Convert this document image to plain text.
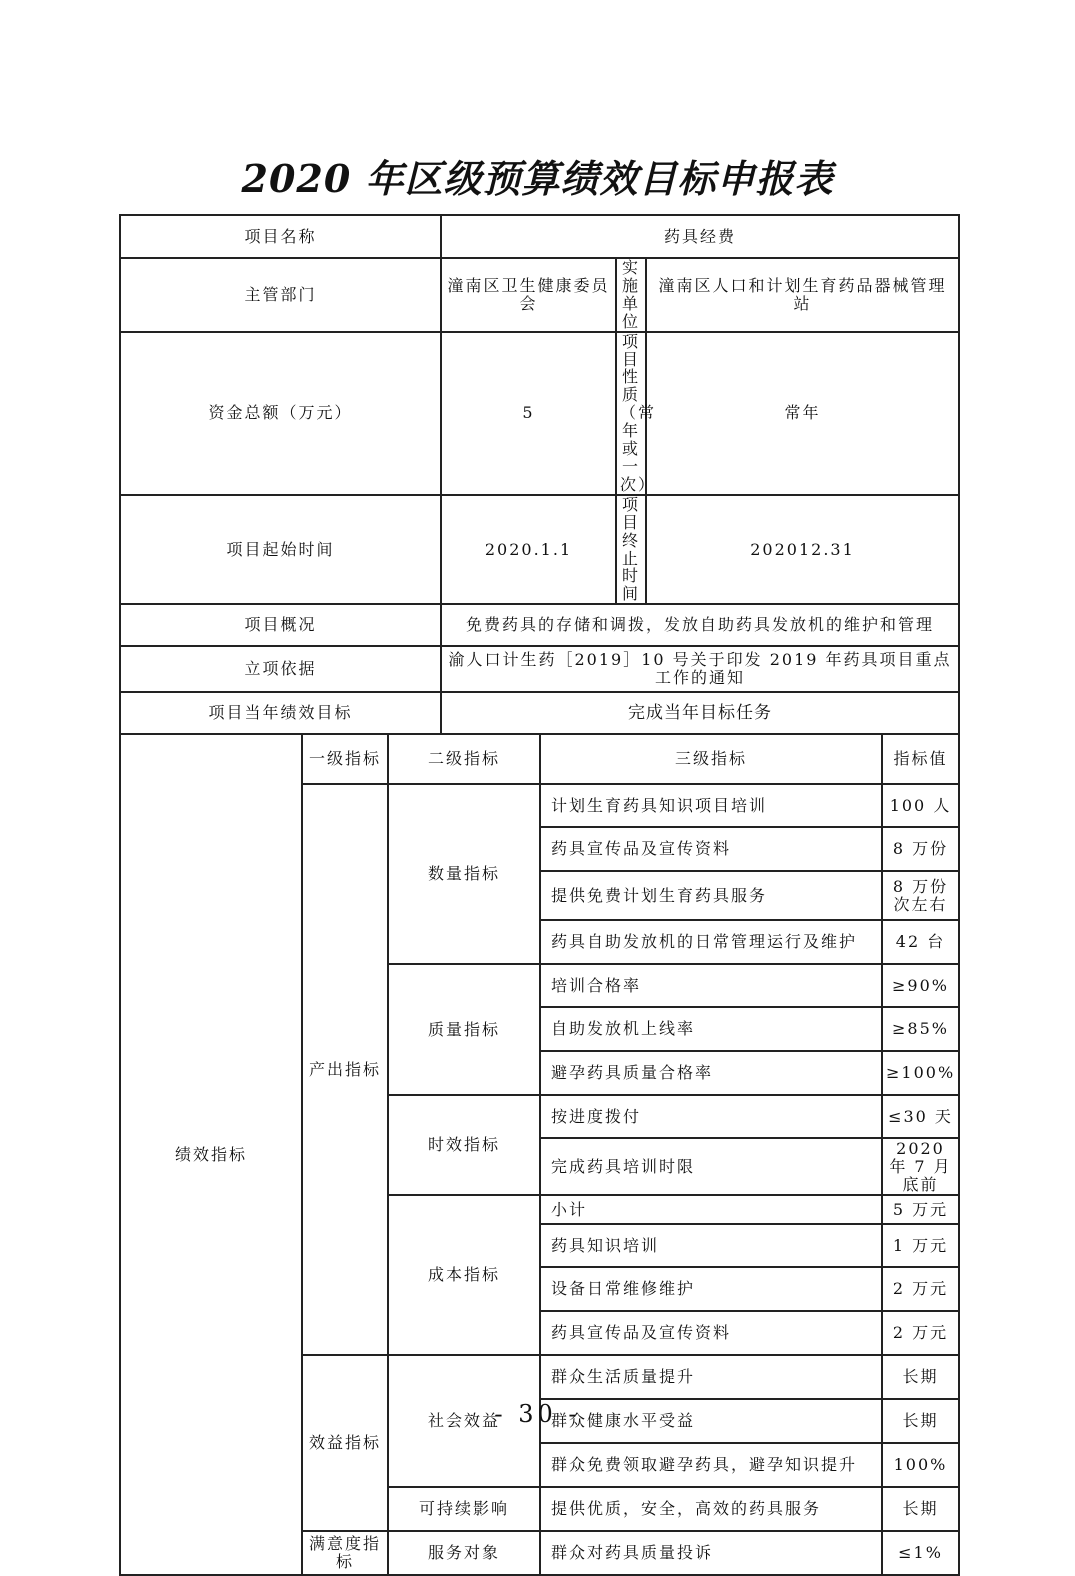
2020 年区级预算绩效目标申报表
项目名称			药具经费				
主管部门			潼南区卫生健康委员会		实施单位	潼南区人口和计划生育药品器械管理站	
资金总额（万元）			5		项目性质（常年或一次）	常年	
项目起始时间			2020.1.1		项目终止时间	202012.31	
项目概况			免费药具的存储和调拨，发放自助药具发放机的维护和管理				
立项依据			渝人口计生药［2019］10 号关于印发 2019 年药具项目重点工作的通知				
项目当年绩效目标			完成当年目标任务				
绩效指标	一级指标	二级指标		三级指标			指标值
	产出指标	数量指标		计划生育药具知识项目培训			100 人
				药具宣传品及宣传资料			8 万份
				提供免费计划生育药具服务			8 万份次左右
				药具自助发放机的日常管理运行及维护			42 台
		质量指标		培训合格率			≥90%
				自助发放机上线率			≥85%
				避孕药具质量合格率			≥100%
		时效指标		按进度拨付			≤30 天
				完成药具培训时限			2020 年 7 月底前
		成本指标		小计			5 万元
				药具知识培训			1 万元
				设备日常维修维护			2 万元
				药具宣传品及宣传资料			2 万元
	效益指标	社会效益		群众生活质量提升			长期
				群众健康水平受益			长期
				群众免费领取避孕药具，避孕知识提升			100%
		可持续影响		提供优质，安全，高效的药具服务			长期
	满意度指标	服务对象		群众对药具质量投诉			≤1%
- 30 -
